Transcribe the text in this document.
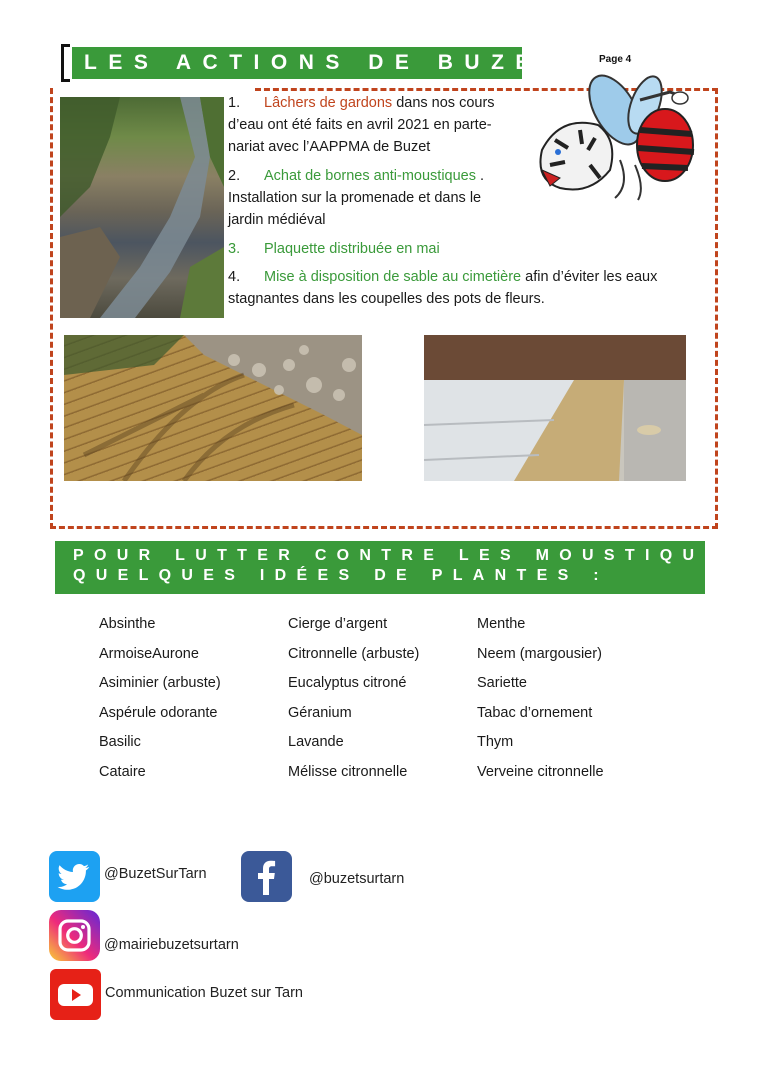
LES ACTIONS DE BUZET	Page 4

1. Lâchers de gardons dans nos cours d’eau ont été faits en avril 2021 en parte-nariat avec l’AAPPMA de Buzet

2. Achat de bornes anti-moustiques . Installation sur la promenade et dans le jardin médiéval

3. Plaquette distribuée en mai

4. Mise à disposition de sable au cimetière afin d’éviter les eaux stagnantes dans les coupelles des pots de fleurs.
POUR LUTTER CONTRE LES MOUSTIQUES,
QUELQUES IDÉES DE PLANTES :
Absinthe
ArmoiseAurone
Asiminier (arbuste)
Aspérule odorante
Basilic
Cataire
Cierge d’argent
Citronnelle (arbuste)
Eucalyptus citroné
Géranium
Lavande
Mélisse citronnelle
Menthe
Neem (margousier)
Sariette
Tabac d’ornement
Thym
Verveine citronnelle
@BuzetSurTarn	@buzetsurtarn
@mairiebuzetsurtarn
Communication Buzet sur Tarn
